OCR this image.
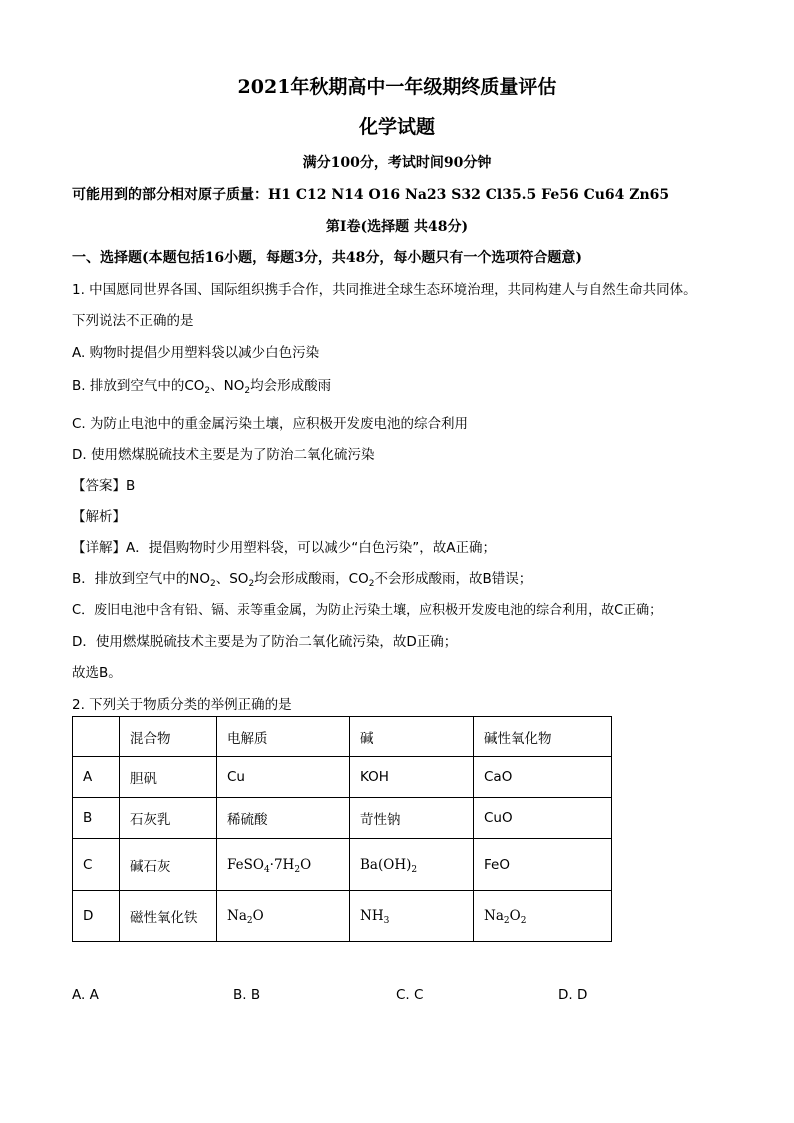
2021年秋期高中一年级期终质量评估
化学试题
满分100分，考试时间90分钟
可能用到的部分相对原子质量：H1 C12 N14 O16 Na23 S32 Cl35.5 Fe56 Cu64 Zn65
第Ⅰ卷(选择题 共48分)
一、选择题(本题包括16小题，每题3分，共48分，每小题只有一个选项符合题意)
1. 中国愿同世界各国、国际组织携手合作，共同推进全球生态环境治理，共同构建人与自然生命共同体。
下列说法不正确的是
A. 购物时提倡少用塑料袋以减少白色污染
B. 排放到空气中的$CO_2$、$NO_2$均会形成酸雨
C. 为防止电池中的重金属污染土壤，应积极开发废电池的综合利用
D. 使用燃煤脱硫技术主要是为了防治二氧化硫污染
【答案】B
【解析】
【详解】A．提倡购物时少用塑料袋，可以减少“白色污染”，故A正确；
B．排放到空气中的$NO_2$、$SO_2$均会形成酸雨，$CO_2$不会形成酸雨，故B错误；
C．废旧电池中含有铅、镉、汞等重金属，为防止污染土壤，应积极开发废电池的综合利用，故C正确；
D．使用燃煤脱硫技术主要是为了防治二氧化硫污染，故D正确；
故选B。
2. 下列关于物质分类的举例正确的是
	混合物	电解质	碱	碱性氧化物
A	胆矾	Cu	KOH	CaO
B	石灰乳	稀硫酸	苛性钠	CuO
C	碱石灰	$FeSO_4\cdot 7H_2O$	$Ba(OH)_2$	FeO
D	磁性氧化铁	$Na_2O$	$NH_3$	$Na_2O_2$
A. A	B. B	C. C	D. D
